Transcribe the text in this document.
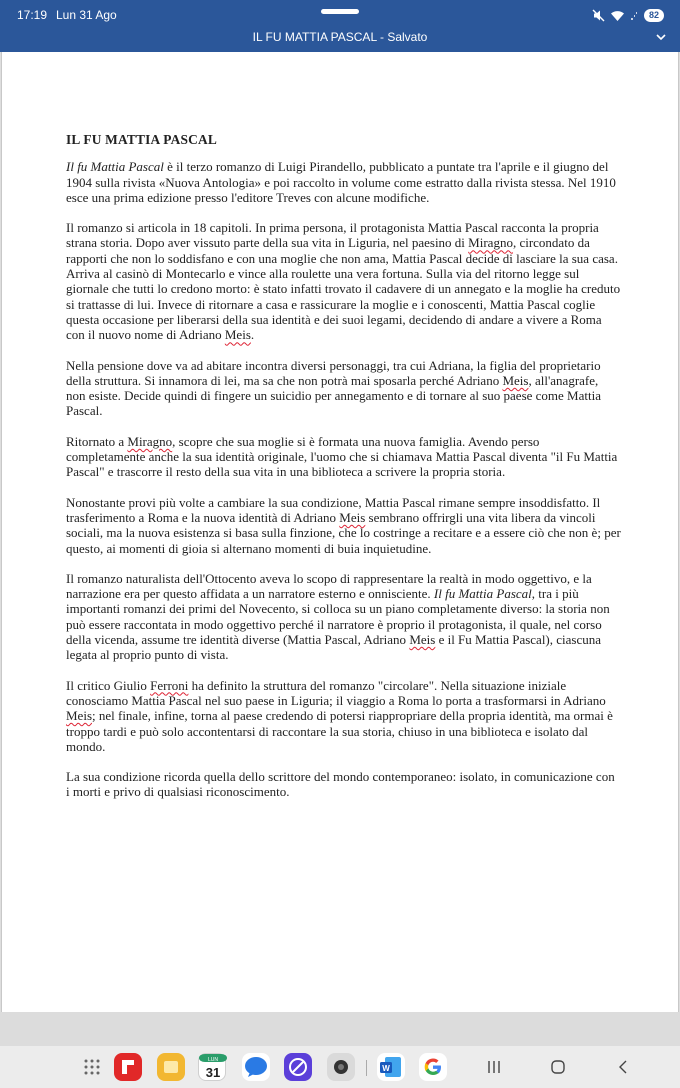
17:19 Lun 31 Ago	82
IL FU MATTIA PASCAL - Salvato
IL FU MATTIA PASCAL

Il fu Mattia Pascal è il terzo romanzo di Luigi Pirandello, pubblicato a puntate tra l'aprile e il giugno del 1904 sulla rivista «Nuova Antologia» e poi raccolto in volume come estratto dalla rivista stessa. Nel 1910 esce una prima edizione presso l'editore Treves con alcune modifiche.

Il romanzo si articola in 18 capitoli. In prima persona, il protagonista Mattia Pascal racconta la propria strana storia. Dopo aver vissuto parte della sua vita in Liguria, nel paesino di Miragno, circondato da rapporti che non lo soddisfano e con una moglie che non ama, Mattia Pascal decide di lasciare la sua casa. Arriva al casinò di Montecarlo e vince alla roulette una vera fortuna. Sulla via del ritorno legge sul giornale che tutti lo credono morto: è stato infatti trovato il cadavere di un annegato e la moglie ha creduto si trattasse di lui. Invece di ritornare a casa e rassicurare la moglie e i conoscenti, Mattia Pascal coglie questa occasione per liberarsi della sua identità e dei suoi legami, decidendo di andare a vivere a Roma con il nuovo nome di Adriano Meis.

Nella pensione dove va ad abitare incontra diversi personaggi, tra cui Adriana, la figlia del proprietario della struttura. Si innamora di lei, ma sa che non potrà mai sposarla perché Adriano Meis, all'anagrafe, non esiste. Decide quindi di fingere un suicidio per annegamento e di tornare al suo paese come Mattia Pascal.

Ritornato a Miragno, scopre che sua moglie si è formata una nuova famiglia. Avendo perso completamente anche la sua identità originale, l'uomo che si chiamava Mattia Pascal diventa "il Fu Mattia Pascal" e trascorre il resto della sua vita in una biblioteca a scrivere la propria storia.

Nonostante provi più volte a cambiare la sua condizione, Mattia Pascal rimane sempre insoddisfatto. Il trasferimento a Roma e la nuova identità di Adriano Meis sembrano offrirgli una vita libera da vincoli sociali, ma la nuova esistenza si basa sulla finzione, che lo costringe a recitare e a essere ciò che non è; per questo, ai momenti di gioia si alternano momenti di buia inquietudine.

Il romanzo naturalista dell'Ottocento aveva lo scopo di rappresentare la realtà in modo oggettivo, e la narrazione era per questo affidata a un narratore esterno e onnisciente. Il fu Mattia Pascal, tra i più importanti romanzi dei primi del Novecento, si colloca su un piano completamente diverso: la storia non può essere raccontata in modo oggettivo perché il narratore è proprio il protagonista, il quale, nel corso della vicenda, assume tre identità diverse (Mattia Pascal, Adriano Meis e il Fu Mattia Pascal), ciascuna legata al proprio punto di vista.

Il critico Giulio Ferroni ha definito la struttura del romanzo "circolare". Nella situazione iniziale conosciamo Mattia Pascal nel suo paese in Liguria; il viaggio a Roma lo porta a trasformarsi in Adriano Meis; nel finale, infine, torna al paese credendo di potersi riappropriare della propria identità, ma ormai è troppo tardi e può solo accontentarsi di raccontare la sua storia, chiuso in una biblioteca e isolato dal mondo.

La sua condizione ricorda quella dello scrittore del mondo contemporaneo: isolato, in comunicazione con i morti e privo di qualsiasi riconoscimento.

LUN
31	W
